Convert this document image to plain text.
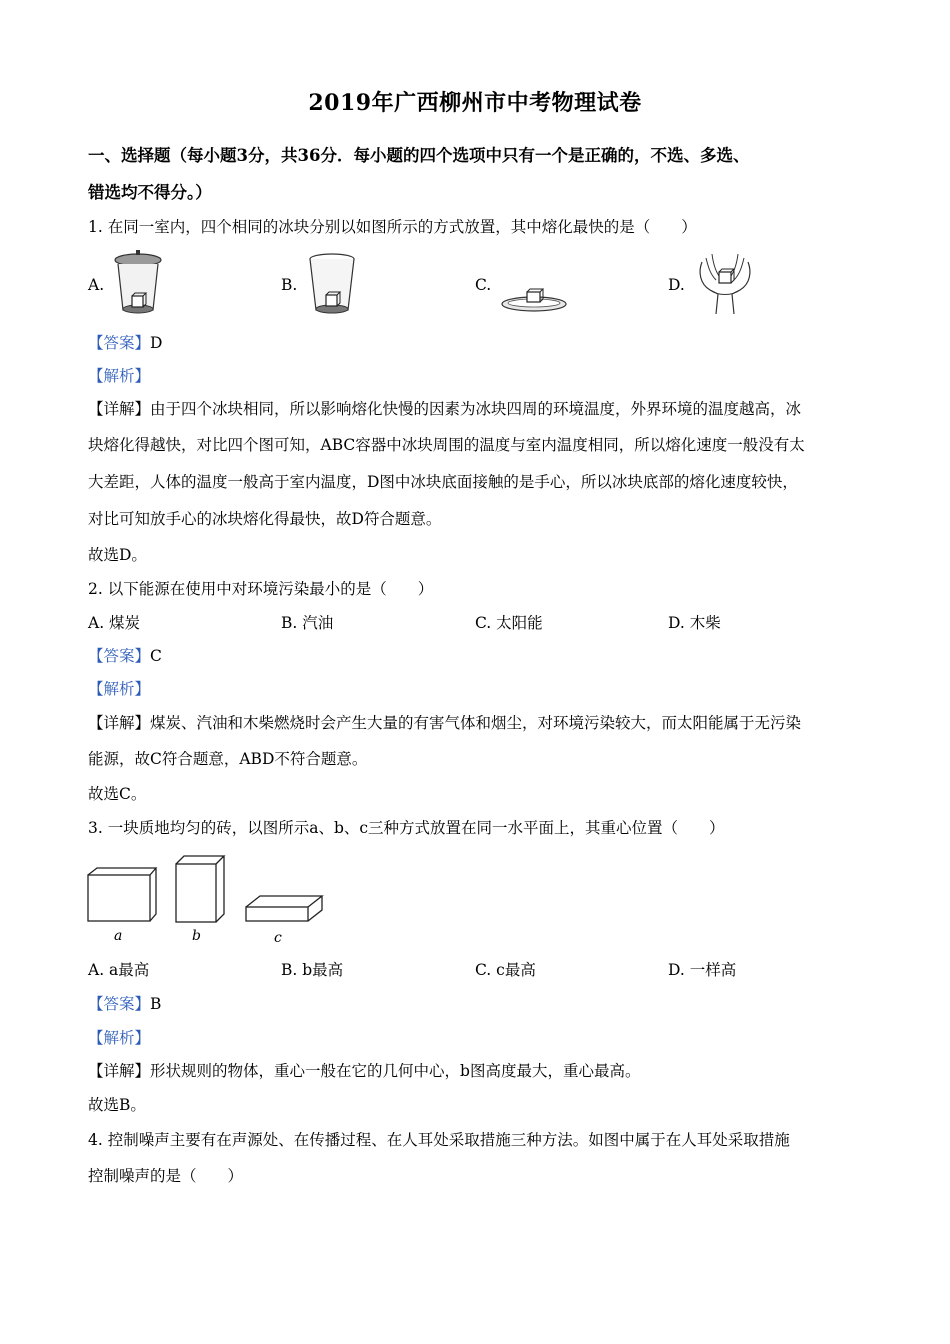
2019年广西柳州市中考物理试卷
一、选择题（每小题3分，共36分．每小题的四个选项中只有一个是正确的，不选、多选、
错选均不得分。）
1. 在同一室内，四个相同的冰块分别以如图所示的方式放置，其中熔化最快的是（　　）
A.	B.	C.	D.
【答案】D
【解析】
【详解】由于四个冰块相同，所以影响熔化快慢的因素为冰块四周的环境温度，外界环境的温度越高，冰
块熔化得越快，对比四个图可知，ABC容器中冰块周围的温度与室内温度相同，所以熔化速度一般没有太
大差距，人体的温度一般高于室内温度，D图中冰块底面接触的是手心，所以冰块底部的熔化速度较快，
对比可知放手心的冰块熔化得最快，故D符合题意。
故选D。
2. 以下能源在使用中对环境污染最小的是（　　）
A. 煤炭	B. 汽油	C. 太阳能	D. 木柴
【答案】C
【解析】
【详解】煤炭、汽油和木柴燃烧时会产生大量的有害气体和烟尘，对环境污染较大，而太阳能属于无污染
能源，故C符合题意，ABD不符合题意。
故选C。
3. 一块质地均匀的砖，以图所示a、b、c三种方式放置在同一水平面上，其重心位置（　　）
a	b	c
A. a最高	B. b最高	C. c最高	D. 一样高
【答案】B
【解析】
【详解】形状规则的物体，重心一般在它的几何中心，b图高度最大，重心最高。
故选B。
4. 控制噪声主要有在声源处、在传播过程、在人耳处采取措施三种方法。如图中属于在人耳处采取措施
控制噪声的是（　　）
